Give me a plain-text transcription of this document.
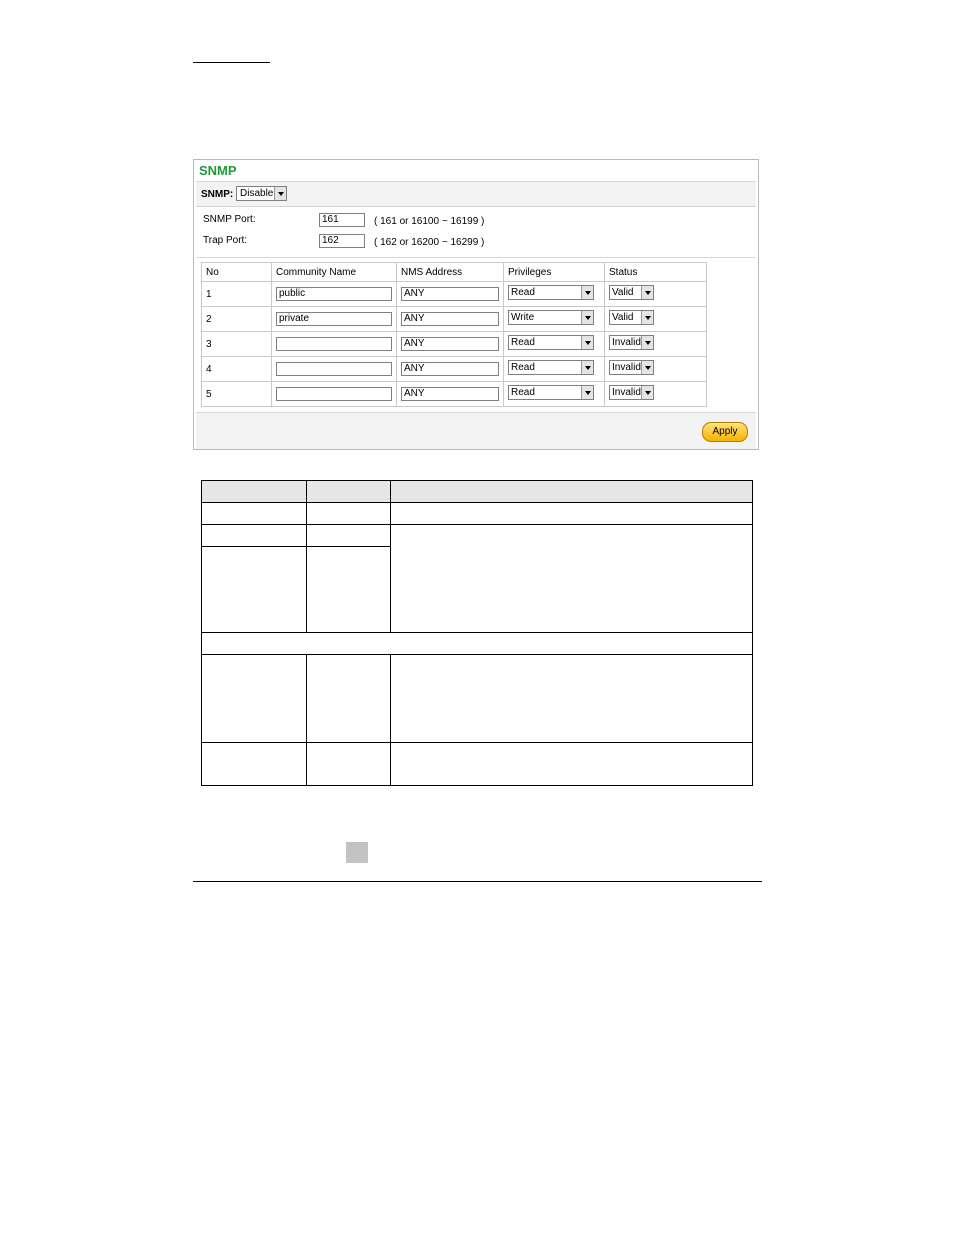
SNMP
SNMP: Disable
SNMP Port:	161	( 161 or 16100 ~ 16199 )
Trap Port:	162	( 162 or 16200 ~ 16299 )
No	Community Name	NMS Address	Privileges	Status
1	public	ANY	Read	Valid

2	private	ANY	Write	Valid

3		ANY	Read	Invalid

4		ANY	Read	Invalid

5		ANY	Read	Invalid
Apply
